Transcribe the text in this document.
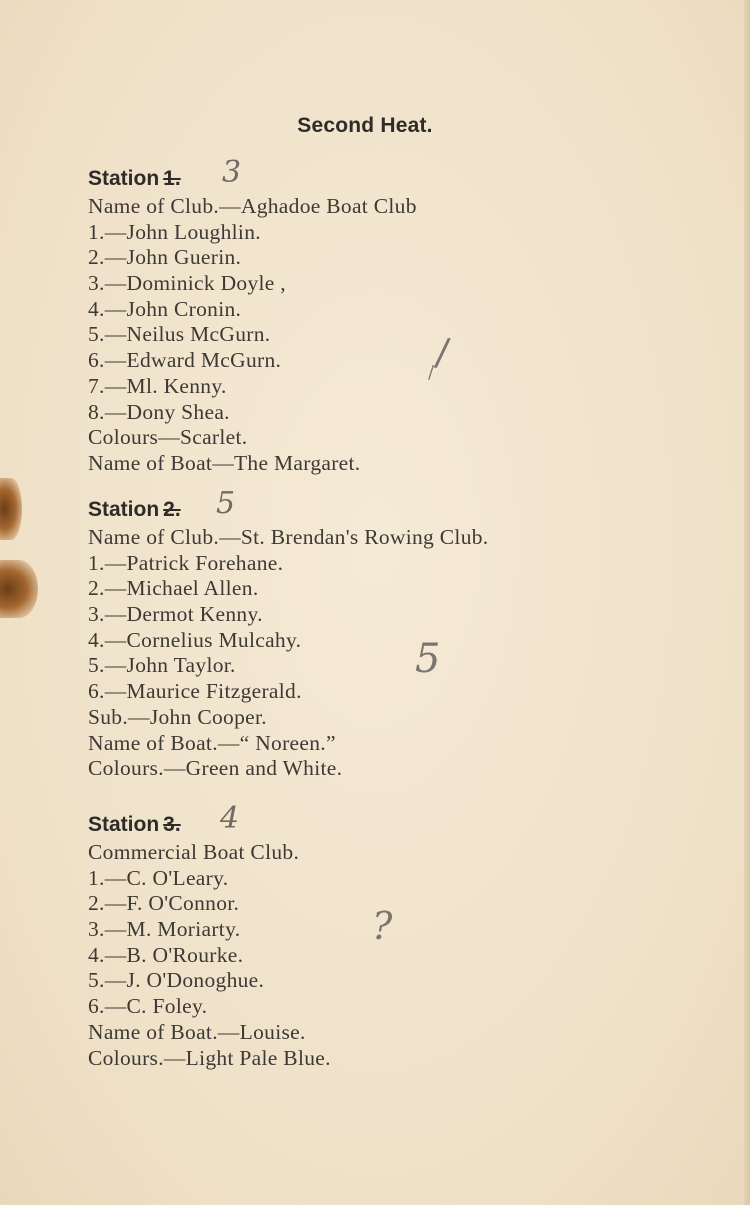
Second Heat.
Station 1. 3
Name of Club.—Aghadoe Boat Club
1.—John Loughlin.
2.—John Guerin.
3.—Dominick Doyle ,
4.—John Cronin.
5.—Neilus McGurn.
6.—Edward McGurn.
7.—Ml. Kenny.
8.—Dony Shea.
Colours—Scarlet.
Name of Boat—The Margaret.
Station 2. 5
Name of Club.—St. Brendan's Rowing Club.
1.—Patrick Forehane.
2.—Michael Allen.
3.—Dermot Kenny.
4.—Cornelius Mulcahy.
5.—John Taylor.
6.—Maurice Fitzgerald.
Sub.—John Cooper.
Name of Boat.—“ Noreen.”
Colours.—Green and White.
Station 3. 4
Commercial Boat Club.
1.—C. O'Leary.
2.—F. O'Connor.
3.—M. Moriarty.
4.—B. O'Rourke.
5.—J. O'Donoghue.
6.—C. Foley.
Name of Boat.—Louise.
Colours.—Light Pale Blue.
/
/
5
?
